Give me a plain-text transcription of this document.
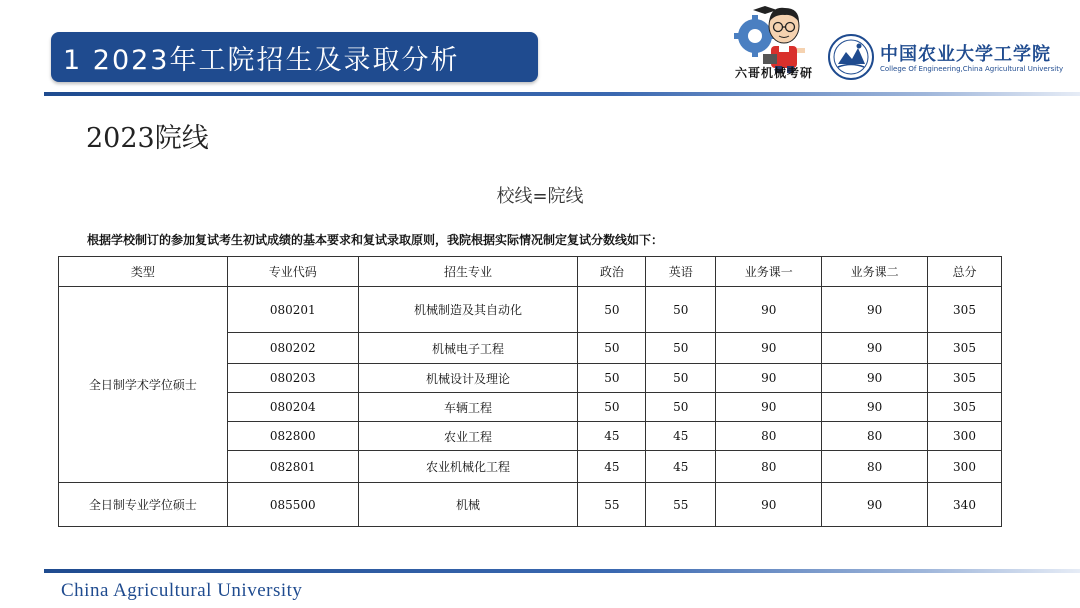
1 2023年工院招生及录取分析	六哥机械考研
中国农业大学工学院
College Of Engineering,China Agricultural University
2023院线
校线=院线
根据学校制订的参加复试考生初试成绩的基本要求和复试录取原则，我院根据实际情况制定复试分数线如下：
类型	专业代码	招生专业	政治	英语	业务课一	业务课二	总分
全日制学术学位硕士	080201	机械制造及其自动化	50	50	90	90	305
	080202	机械电子工程	50	50	90	90	305
	080203	机械设计及理论	50	50	90	90	305
	080204	车辆工程	50	50	90	90	305
	082800	农业工程	45	45	80	80	300
	082801	农业机械化工程	45	45	80	80	300
全日制专业学位硕士	085500	机械	55	55	90	90	340
China Agricultural University
